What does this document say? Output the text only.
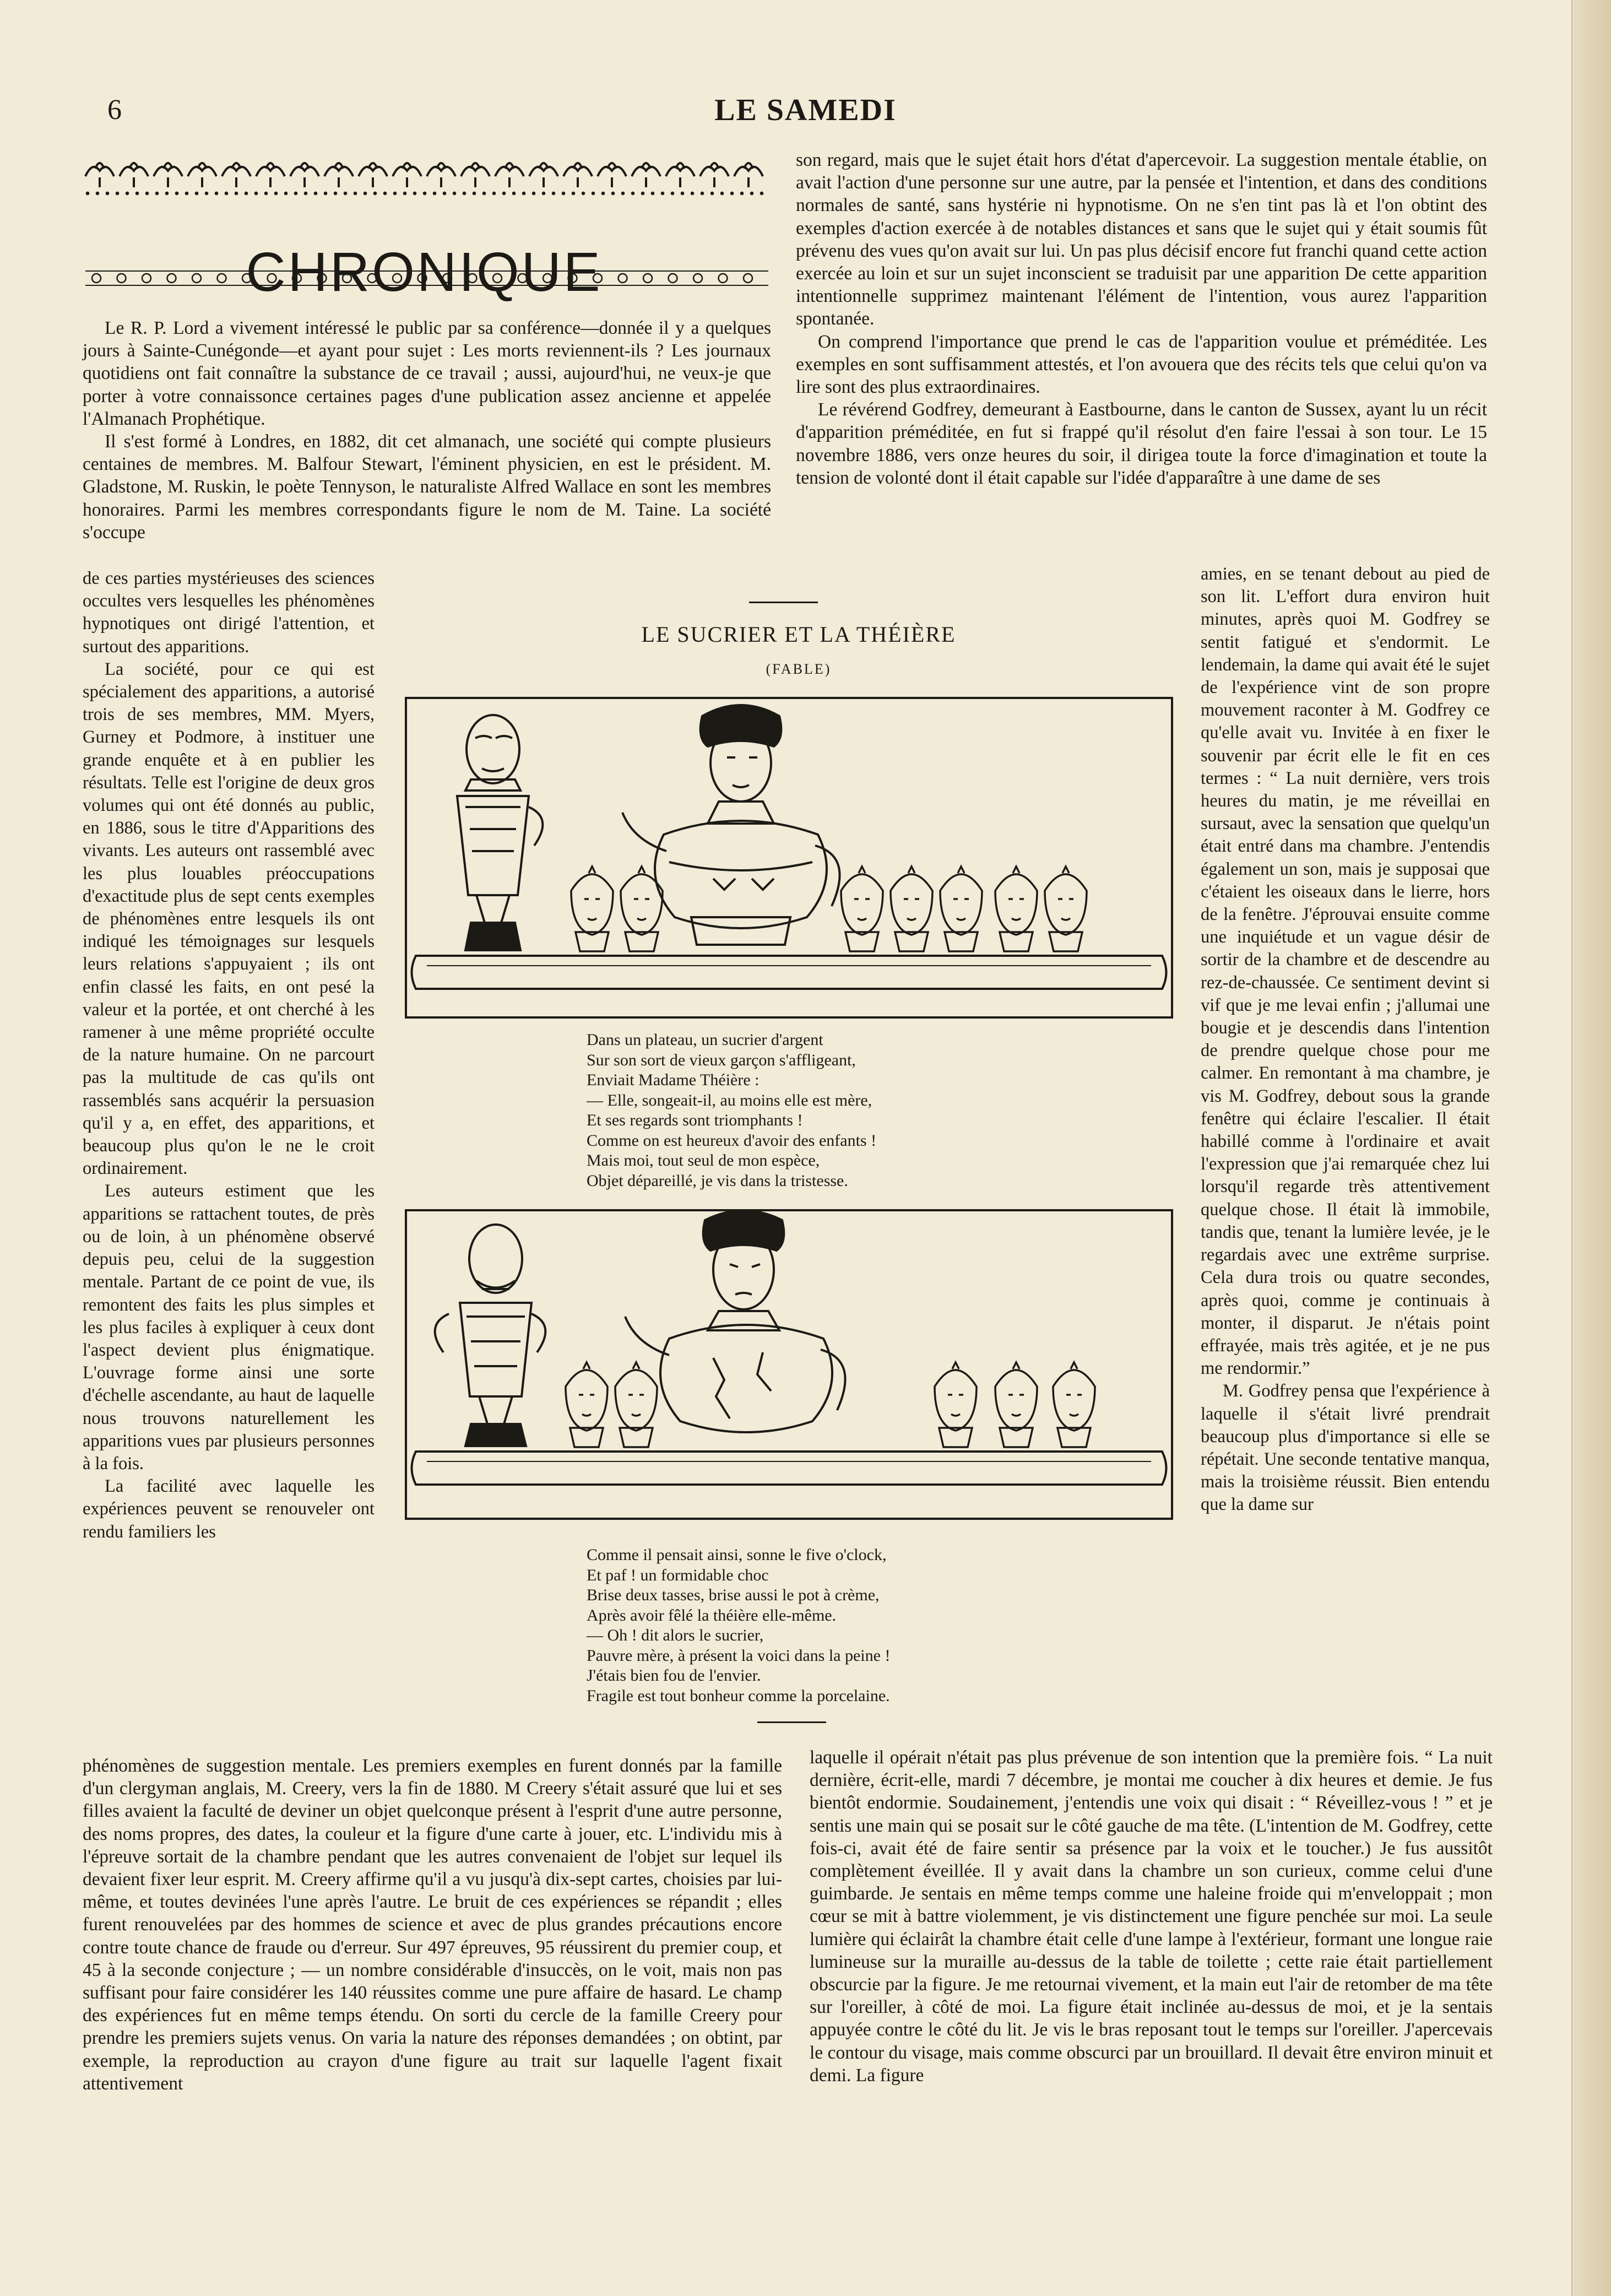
6	LE SAMEDI
CHRONIQUE

Le R. P. Lord a vivement intéressé le public par sa conférence—donnée il y a quelques jours à Sainte-Cunégonde—et ayant pour sujet : Les morts reviennent-ils ? Les journaux quotidiens ont fait connaître la substance de ce travail ; aussi, aujourd'hui, ne veux-je que porter à votre connaissonce certaines pages d'une publication assez ancienne et appelée l'Almanach Prophétique.

Il s'est formé à Londres, en 1882, dit cet almanach, une société qui compte plusieurs centaines de membres. M. Balfour Stewart, l'éminent physicien, en est le président. M. Gladstone, M. Ruskin, le poète Tennyson, le naturaliste Alfred Wallace en sont les membres honoraires. Parmi les membres correspondants figure le nom de M. Taine. La société s'occupe

de ces parties mystérieuses des sciences occultes vers lesquelles les phénomènes hypnotiques ont dirigé l'attention, et surtout des apparitions.

La société, pour ce qui est spécialement des apparitions, a autorisé trois de ses membres, MM. Myers, Gurney et Podmore, à instituer une grande enquête et à en publier les résultats. Telle est l'origine de deux gros volumes qui ont été donnés au public, en 1886, sous le titre d'Apparitions des vivants. Les auteurs ont rassemblé avec les plus louables préoccupations d'exactitude plus de sept cents exemples de phénomènes entre lesquels ils ont indiqué les témoignages sur lesquels leurs relations s'appuyaient ; ils ont enfin classé les faits, en ont pesé la valeur et la portée, et ont cherché à les ramener à une même propriété occulte de la nature humaine. On ne parcourt pas la multitude de cas qu'ils ont rassemblés sans acquérir la persuasion qu'il y a, en effet, des apparitions, et beaucoup plus qu'on le ne le croit ordinairement.

Les auteurs estiment que les apparitions se rattachent toutes, de près ou de loin, à un phénomène observé depuis peu, celui de la suggestion mentale. Partant de ce point de vue, ils remontent des faits les plus simples et les plus faciles à expliquer à ceux dont l'aspect devient plus énigmatique. L'ouvrage forme ainsi une sorte d'échelle ascendante, au haut de laquelle nous trouvons naturellement les apparitions vues par plusieurs personnes à la fois.

La facilité avec laquelle les expériences peuvent se renouveler ont rendu familiers les

LE SUCRIER ET LA THÉIÈRE
(FABLE)
Dans un plateau, un sucrier d'argent
Sur son sort de vieux garçon s'affligeant,
Enviait Madame Théière :
— Elle, songeait-il, au moins elle est mère,
Et ses regards sont triomphants !
Comme on est heureux d'avoir des enfants !
Mais moi, tout seul de mon espèce,
Objet dépareillé, je vis dans la tristesse.
Comme il pensait ainsi, sonne le five o'clock,
Et paf ! un formidable choc
Brise deux tasses, brise aussi le pot à crème,
Après avoir fêlé la théière elle-même.
— Oh ! dit alors le sucrier,
Pauvre mère, à présent la voici dans la peine !
J'étais bien fou de l'envier.
Fragile est tout bonheur comme la porcelaine.

son regard, mais que le sujet était hors d'état d'apercevoir. La suggestion mentale établie, on avait l'action d'une personne sur une autre, par la pensée et l'intention, et dans des conditions normales de santé, sans hystérie ni hypnotisme. On ne s'en tint pas là et l'on obtint des exemples d'action exercée à de notables distances et sans que le sujet qui y était soumis fût prévenu des vues qu'on avait sur lui. Un pas plus décisif encore fut franchi quand cette action exercée au loin et sur un sujet inconscient se traduisit par une apparition De cette apparition intentionnelle supprimez maintenant l'élément de l'intention, vous aurez l'apparition spontanée.

On comprend l'importance que prend le cas de l'apparition voulue et préméditée. Les exemples en sont suffisamment attestés, et l'on avouera que des récits tels que celui qu'on va lire sont des plus extraordinaires.

Le révérend Godfrey, demeurant à Eastbourne, dans le canton de Sussex, ayant lu un récit d'apparition préméditée, en fut si frappé qu'il résolut d'en faire l'essai à son tour. Le 15 novembre 1886, vers onze heures du soir, il dirigea toute la force d'imagination et toute la tension de volonté dont il était capable sur l'idée d'apparaître à une dame de ses

amies, en se tenant debout au pied de son lit. L'effort dura environ huit minutes, après quoi M. Godfrey se sentit fatigué et s'endormit. Le lendemain, la dame qui avait été le sujet de l'expérience vint de son propre mouvement raconter à M. Godfrey ce qu'elle avait vu. Invitée à en fixer le souvenir par écrit elle le fit en ces termes : “ La nuit dernière, vers trois heures du matin, je me réveillai en sursaut, avec la sensation que quelqu'un était entré dans ma chambre. J'entendis également un son, mais je supposai que c'étaient les oiseaux dans le lierre, hors de la fenêtre. J'éprouvai ensuite comme une inquiétude et un vague désir de sortir de la chambre et de descendre au rez-de-chaussée. Ce sentiment devint si vif que je me levai enfin ; j'allumai une bougie et je descendis dans l'intention de prendre quelque chose pour me calmer. En remontant à ma chambre, je vis M. Godfrey, debout sous la grande fenêtre qui éclaire l'escalier. Il était habillé comme à l'ordinaire et avait l'expression que j'ai remarquée chez lui lorsqu'il regarde très attentivement quelque chose. Il était là immobile, tandis que, tenant la lumière levée, je le regardais avec une extrême surprise. Cela dura trois ou quatre secondes, après quoi, comme je continuais à monter, il disparut. Je n'étais point effrayée, mais très agitée, et je ne pus me rendormir.”

M. Godfrey pensa que l'expérience à laquelle il s'était livré prendrait beaucoup plus d'importance si elle se répétait. Une seconde tentative manqua, mais la troisième réussit. Bien entendu que la dame sur

phénomènes de suggestion mentale. Les premiers exemples en furent donnés par la famille d'un clergyman anglais, M. Creery, vers la fin de 1880. M Creery s'était assuré que lui et ses filles avaient la faculté de deviner un objet quelconque présent à l'esprit d'une autre personne, des noms propres, des dates, la couleur et la figure d'une carte à jouer, etc. L'individu mis à l'épreuve sortait de la chambre pendant que les autres convenaient de l'objet sur lequel ils devaient fixer leur esprit. M. Creery affirme qu'il a vu jusqu'à dix-sept cartes, choisies par lui-même, et toutes devinées l'une après l'autre. Le bruit de ces expériences se répandit ; elles furent renouvelées par des hommes de science et avec de plus grandes précautions encore contre toute chance de fraude ou d'erreur. Sur 497 épreuves, 95 réussirent du premier coup, et 45 à la seconde conjecture ; — un nombre considérable d'insuccès, on le voit, mais non pas suffisant pour faire considérer les 140 réussites comme une pure affaire de hasard. Le champ des expériences fut en même temps étendu. On sorti du cercle de la famille Creery pour prendre les premiers sujets venus. On varia la nature des réponses demandées ; on obtint, par exemple, la reproduction au crayon d'une figure au trait sur laquelle l'agent fixait attentivement

laquelle il opérait n'était pas plus prévenue de son intention que la première fois. “ La nuit dernière, écrit-elle, mardi 7 décembre, je montai me coucher à dix heures et demie. Je fus bientôt endormie. Soudainement, j'entendis une voix qui disait : “ Réveillez-vous ! ” et je sentis une main qui se posait sur le côté gauche de ma tête. (L'intention de M. Godfrey, cette fois-ci, avait été de faire sentir sa présence par la voix et le toucher.) Je fus aussitôt complètement éveillée. Il y avait dans la chambre un son curieux, comme celui d'une guimbarde. Je sentais en même temps comme une haleine froide qui m'enveloppait ; mon cœur se mit à battre violemment, je vis distinctement une figure penchée sur moi. La seule lumière qui éclairât la chambre était celle d'une lampe à l'extérieur, formant une longue raie lumineuse sur la muraille au-dessus de la table de toilette ; cette raie était partiellement obscurcie par la figure. Je me retournai vivement, et la main eut l'air de retomber de ma tête sur l'oreiller, à côté de moi. La figure était inclinée au-dessus de moi, et je la sentais appuyée contre le côté du lit. Je vis le bras reposant tout le temps sur l'oreiller. J'apercevais le contour du visage, mais comme obscurci par un brouillard. Il devait être environ minuit et demi. La figure
